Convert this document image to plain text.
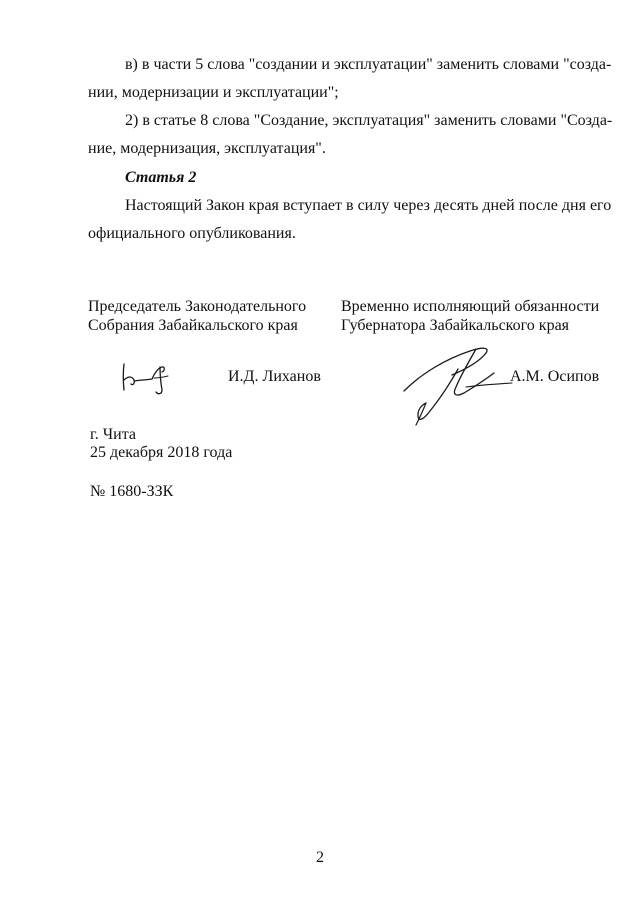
в) в части 5 слова "создании и эксплуатации" заменить словами "созда-
нии, модернизации и эксплуатации";
2) в статье 8 слова "Создание, эксплуатация" заменить словами "Созда-
ние, модернизация, эксплуатация".
Статья 2
Настоящий Закон края вступает в силу через десять дней после дня его
официального опубликования.
Председатель Законодательного
Собрания Забайкальского края
Временно исполняющий обязанности
Губернатора Забайкальского края
И.Д. Лиханов	А.М. Осипов
г. Чита
25 декабря 2018 года
№ 1680-ЗЗК
2
